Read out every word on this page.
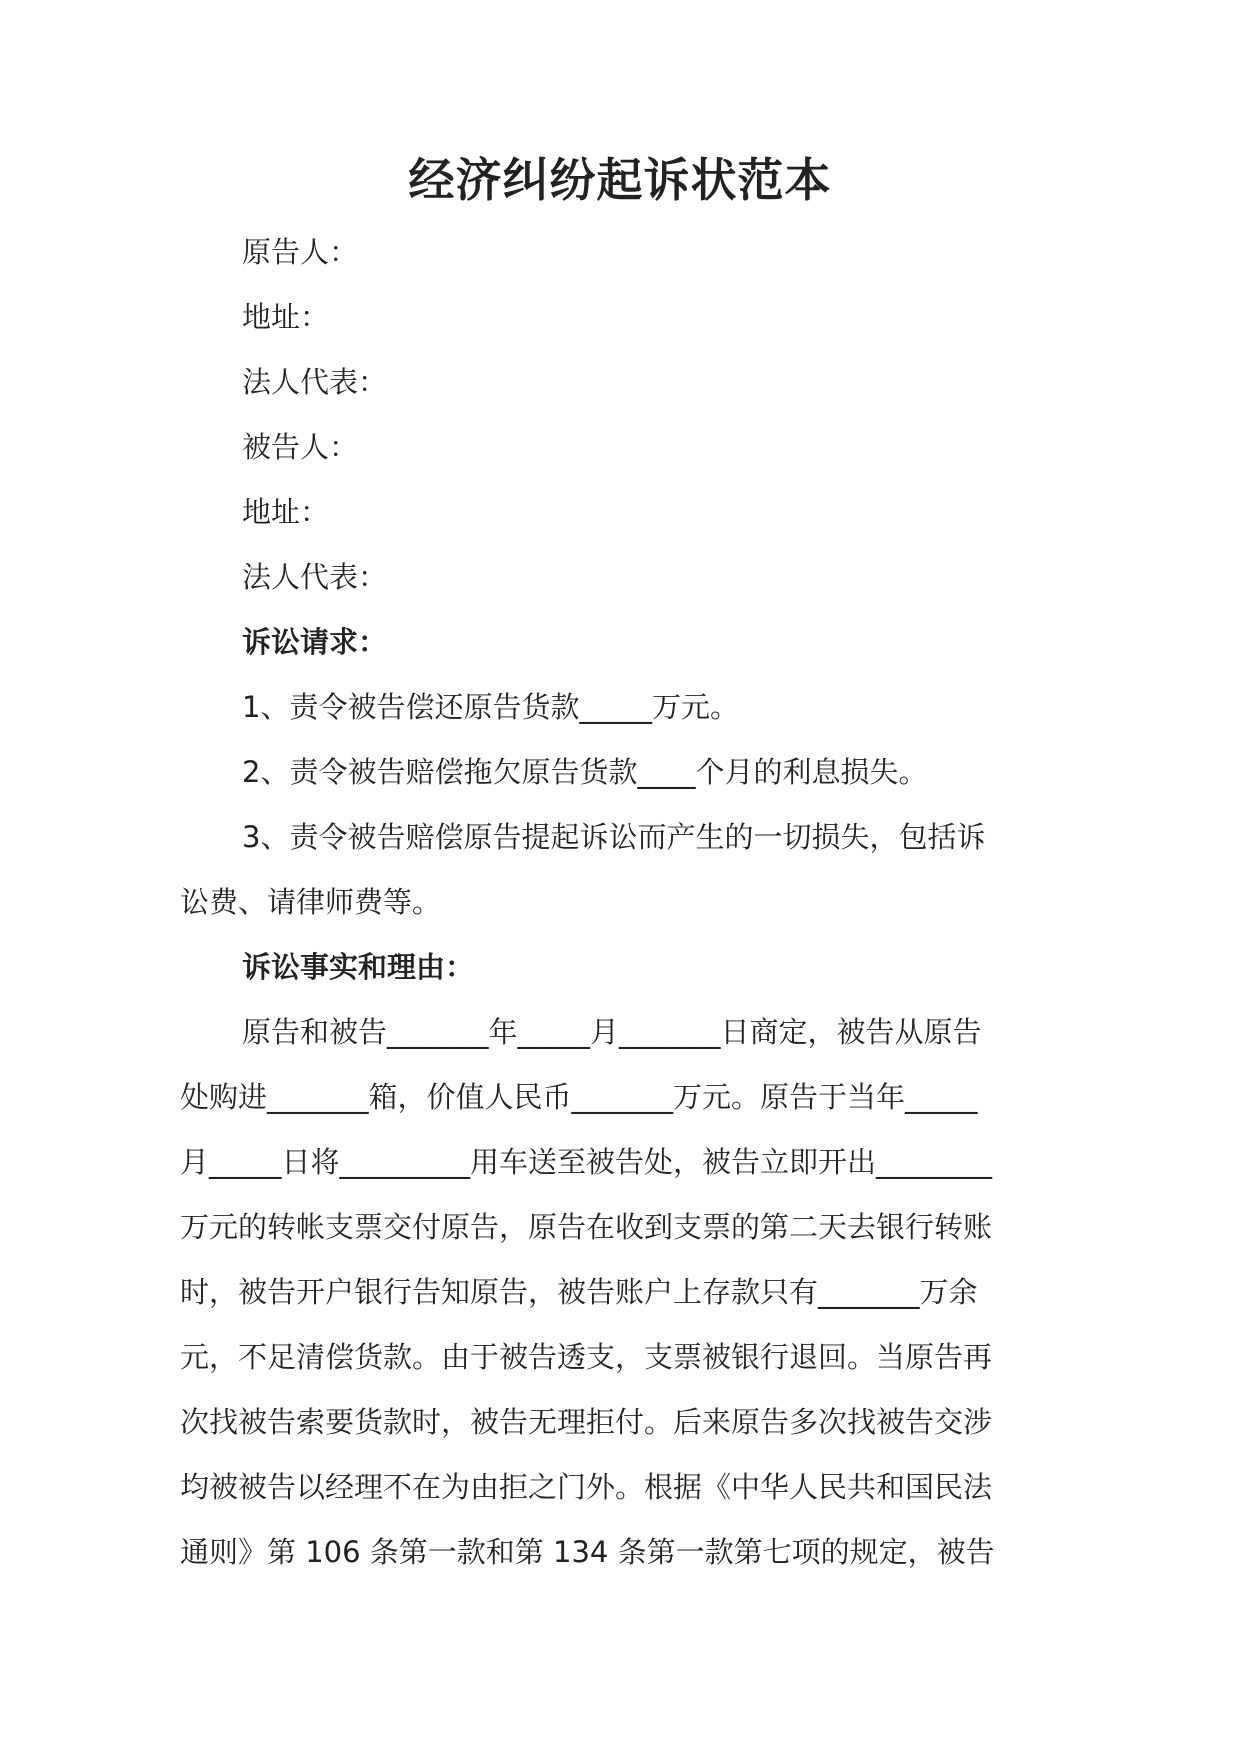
经济纠纷起诉状范本
原告人：
地址：
法人代表：
被告人：
地址：
法人代表：
诉讼请求：
1、责令被告偿还原告货款_____万元。
2、责令被告赔偿拖欠原告货款____个月的利息损失。
3、责令被告赔偿原告提起诉讼而产生的一切损失，包括诉
讼费、请律师费等。
诉讼事实和理由：
原告和被告_______年_____月_______日商定，被告从原告
处购进_______箱，价值人民币_______万元。原告于当年_____
月_____日将_________用车送至被告处，被告立即开出________
万元的转帐支票交付原告，原告在收到支票的第二天去银行转账
时，被告开户银行告知原告，被告账户上存款只有_______万余
元，不足清偿货款。由于被告透支，支票被银行退回。当原告再
次找被告索要货款时，被告无理拒付。后来原告多次找被告交涉
均被被告以经理不在为由拒之门外。根据《中华人民共和国民法
通则》第 106 条第一款和第 134 条第一款第七项的规定，被告
